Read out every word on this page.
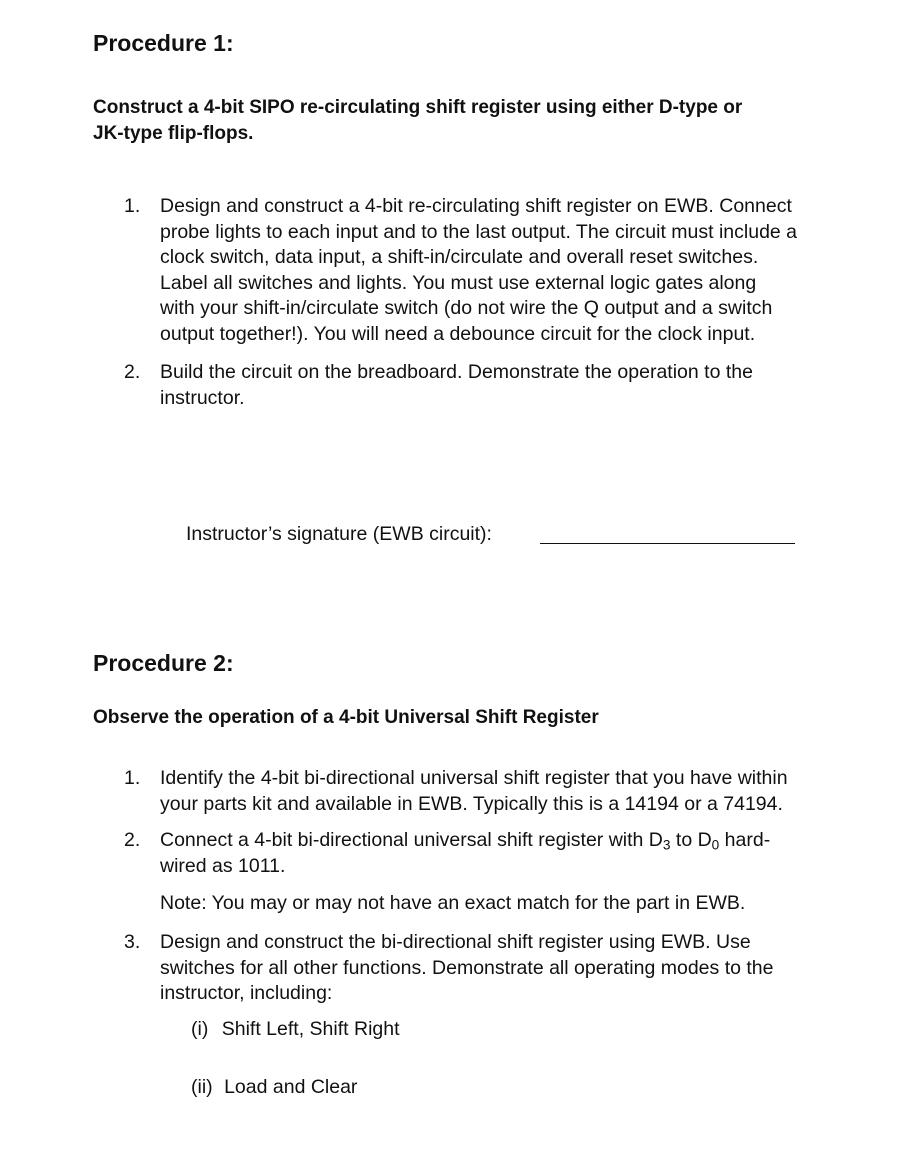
Procedure 1:
Construct a 4-bit SIPO re-circulating shift register using either D-type or
JK-type flip-flops.
1. Design and construct a 4-bit re-circulating shift register on EWB. Connect
probe lights to each input and to the last output. The circuit must include a
clock switch, data input, a shift-in/circulate and overall reset switches.
Label all switches and lights. You must use external logic gates along
with your shift-in/circulate switch (do not wire the Q output and a switch
output together!). You will need a debounce circuit for the clock input.
2. Build the circuit on the breadboard. Demonstrate the operation to the
instructor.
Instructor’s signature (EWB circuit):
Procedure 2:
Observe the operation of a 4-bit Universal Shift Register
1. Identify the 4-bit bi-directional universal shift register that you have within
your parts kit and available in EWB. Typically this is a 14194 or a 74194.
2. Connect a 4-bit bi-directional universal shift register with $D_3$ to $D_0$ hard-
wired as 1011.
Note: You may or may not have an exact match for the part in EWB.
3. Design and construct the bi-directional shift register using EWB. Use
switches for all other functions. Demonstrate all operating modes to the
instructor, including:
(i) Shift Left, Shift Right
(ii) Load and Clear
